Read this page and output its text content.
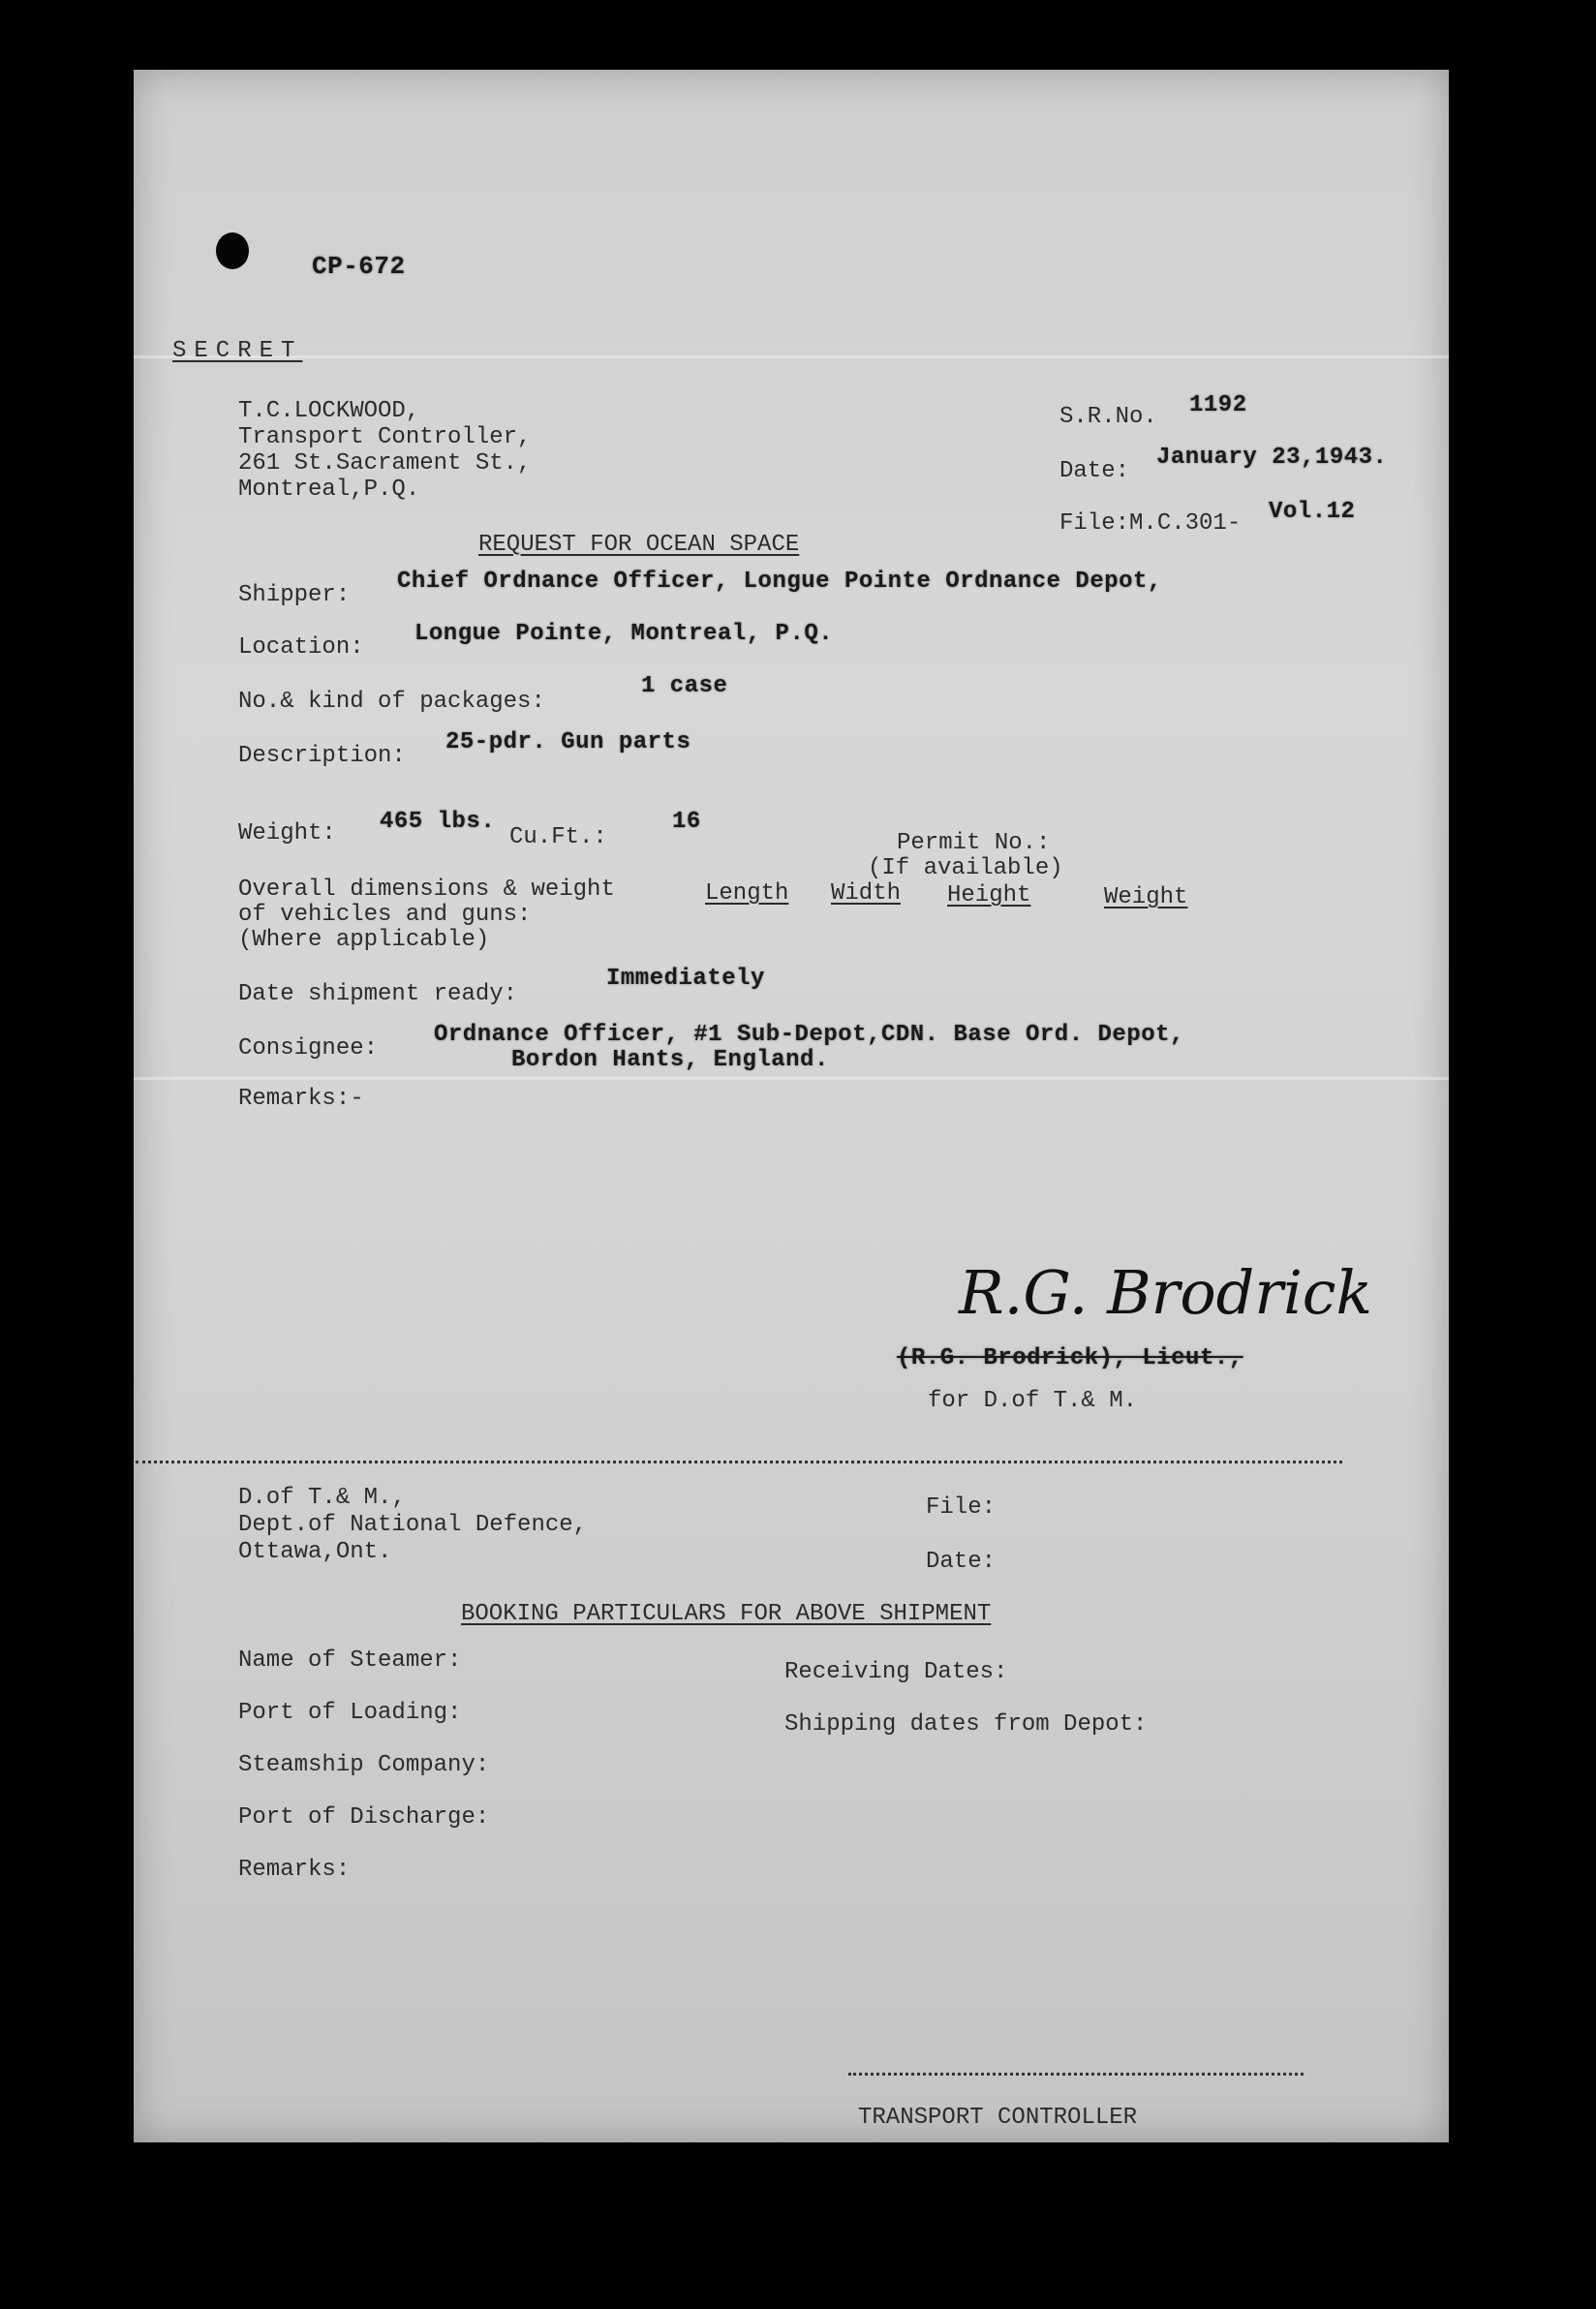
CP-672
SECRET
T.C.LOCKWOOD,
Transport Controller,
261 St.Sacrament St.,
Montreal,P.Q.
S.R.No. 1192
Date:
January 23,1943.
File:M.C.301- Vol.12
REQUEST FOR OCEAN SPACE
Shipper:
Chief Ordnance Officer, Longue Pointe Ordnance Depot,
Location:
Longue Pointe, Montreal, P.Q.
No.& kind of packages:
1 case
Description:
25-pdr. Gun parts
Weight: 465 lbs.
Cu.Ft.:
16
Permit No.:
(If available)
Overall dimensions & weight
of vehicles and guns:
(Where applicable)
Length Width Height	Weight
Date shipment ready:
Immediately
Consignee:
Ordnance Officer, #1 Sub-Depot,CDN. Base Ord. Depot,
Bordon Hants, England.
Remarks:-
R.G. Brodrick
(R.G. Brodrick), Lieut.,
for D.of T.& M.
D.of T.& M.,
Dept.of National Defence,
Ottawa,Ont.
File:
Date:
BOOKING PARTICULARS FOR ABOVE SHIPMENT
Name of Steamer:
Port of Loading:
Steamship Company:
Port of Discharge:
Remarks:
Receiving Dates:
Shipping dates from Depot:
TRANSPORT CONTROLLER
